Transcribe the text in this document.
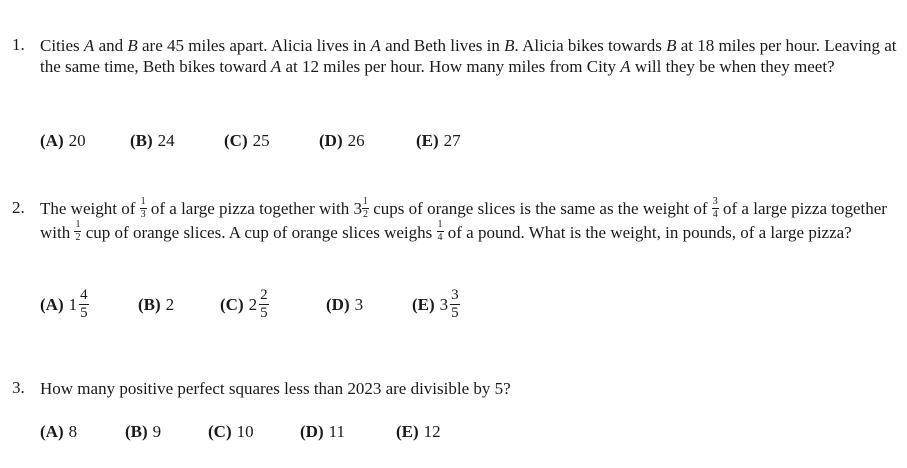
1. Cities A and B are 45 miles apart. Alicia lives in A and Beth lives in B. Alicia bikes towards B at 18 miles per hour. Leaving at the same time, Beth bikes toward A at 12 miles per hour. How many miles from City A will they be when they meet?
(A) 20	(B) 24	(C) 25	(D) 26	(E) 27
2. The weight of $\frac{1}{3}$ of a large pizza together with $3 \frac{1}{2}$ cups of orange slices is the same as the weight of $\frac{3}{4}$ of a large pizza together with $\frac{1}{2}$ cup of orange slices. A cup of orange slices weighs $\frac{1}{4}$ of a pound. What is the weight, in pounds, of a large pizza?
(A) $1 \frac{4}{5}$	(B) 2	(C) $2 \frac{2}{5}$	(D) 3	(E) $3 \frac{3}{5}$
3. How many positive perfect squares less than 2023 are divisible by 5?
(A) 8	(B) 9	(C) 10	(D) 11	(E) 12
